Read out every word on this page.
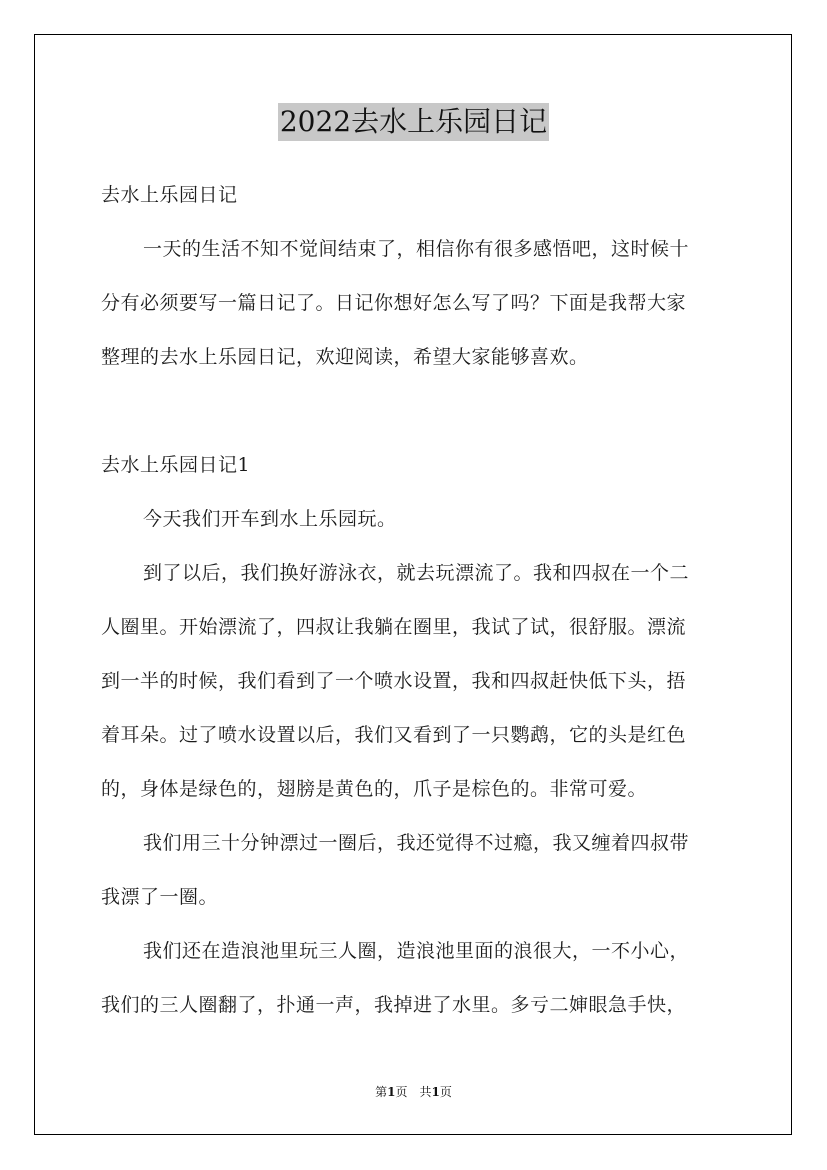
2022去水上乐园日记
去水上乐园日记
一天的生活不知不觉间结束了，相信你有很多感悟吧，这时候十
分有必须要写一篇日记了。日记你想好怎么写了吗？下面是我帮大家
整理的去水上乐园日记，欢迎阅读，希望大家能够喜欢。
去水上乐园日记1
今天我们开车到水上乐园玩。
到了以后，我们换好游泳衣，就去玩漂流了。我和四叔在一个二
人圈里。开始漂流了，四叔让我躺在圈里，我试了试，很舒服。漂流
到一半的时候，我们看到了一个喷水设置，我和四叔赶快低下头，捂
着耳朵。过了喷水设置以后，我们又看到了一只鹦鹉，它的头是红色
的，身体是绿色的，翅膀是黄色的，爪子是棕色的。非常可爱。
我们用三十分钟漂过一圈后，我还觉得不过瘾，我又缠着四叔带
我漂了一圈。
我们还在造浪池里玩三人圈，造浪池里面的浪很大，一不小心，
我们的三人圈翻了，扑通一声，我掉进了水里。多亏二婶眼急手快，
第1页　共1页
